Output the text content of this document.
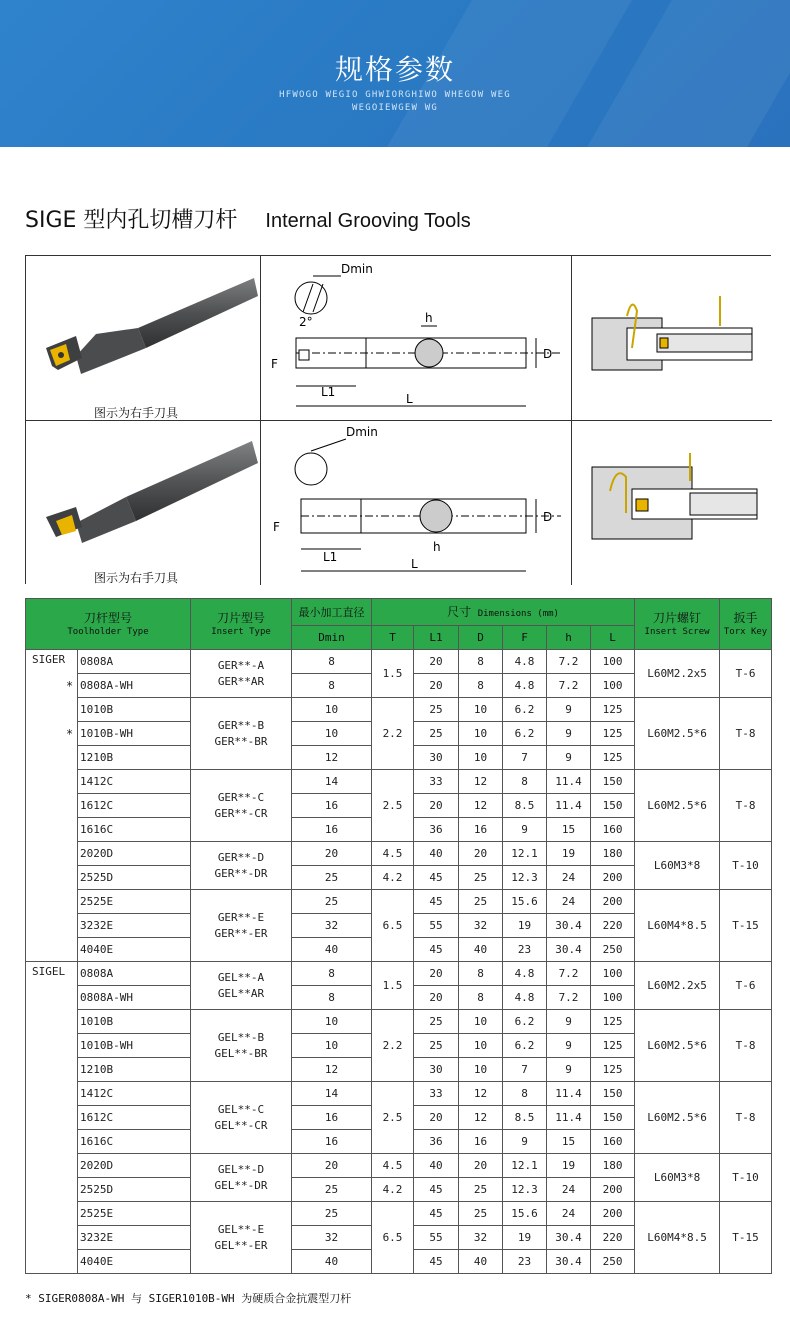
规格参数
HFWOGO WEGIO GHWIORGHIWO WHEGOW WEG
WEGOIEWGEW WG
SIGE 型内孔切槽刀杆 Internal Grooving Tools
图示为右手刀具
Dmin
2°	h
F
L1	L
D
图示为右手刀具
Dmin
h
F
L1	L
D
刀杆型号
Toolholder Type		刀片型号
Insert Type	最小加工直径	尺寸 Dimensions (mm)						刀片螺钉
Insert Screw	扳手
Torx Key

			Dmin	T	L1	D	F	h	L		
SIGER	0808A	GER**-A
GER**AR	8	1.5	20	8	4.8	7.2	100	L60M2.2x5	T-6

	* 0808A-WH		8		20	8	4.8	7.2	100		
	1010B	GER**-B
GER**-BR	10	2.2	25	10	6.2	9	125	L60M2.5*6	T-8

	* 1010B-WH		10		25	10	6.2	9	125		
	1210B		12		30	10	7	9	125		
	1412C	GER**-C
GER**-CR	14	2.5	33	12	8	11.4	150	L60M2.5*6	T-8
	1612C		16		20	12	8.5	11.4	150		
	1616C		16		36	16	9	15	160		
	2020D	GER**-D
GER**-DR	20	4.5	40	20	12.1	19	180	L60M3*8	T-10
	2525D		25	4.2	45	25	12.3	24	200		
	2525E	GER**-E
GER**-ER	25	6.5	45	25	15.6	24	200	L60M4*8.5	T-15
	3232E		32		55	32	19	30.4	220		
	4040E		40		45	40	23	30.4	250		
SIGEL	0808A	GEL**-A
GEL**AR	8	1.5	20	8	4.8	7.2	100	L60M2.2x5	T-6
	0808A-WH		8		20	8	4.8	7.2	100		
	1010B	GEL**-B
GEL**-BR	10	2.2	25	10	6.2	9	125	L60M2.5*6	T-8
	1010B-WH		10		25	10	6.2	9	125		
	1210B		12		30	10	7	9	125		
	1412C	GEL**-C
GEL**-CR	14	2.5	33	12	8	11.4	150	L60M2.5*6	T-8
	1612C		16		20	12	8.5	11.4	150		
	1616C		16		36	16	9	15	160		
	2020D	GEL**-D
GEL**-DR	20	4.5	40	20	12.1	19	180	L60M3*8	T-10
	2525D		25	4.2	45	25	12.3	24	200		
	2525E	GEL**-E
GEL**-ER	25	6.5	45	25	15.6	24	200	L60M4*8.5	T-15
	3232E		32		55	32	19	30.4	220		
	4040E		40		45	40	23	30.4	250		
* SIGER0808A-WH 与 SIGER1010B-WH 为硬质合金抗震型刀杆
